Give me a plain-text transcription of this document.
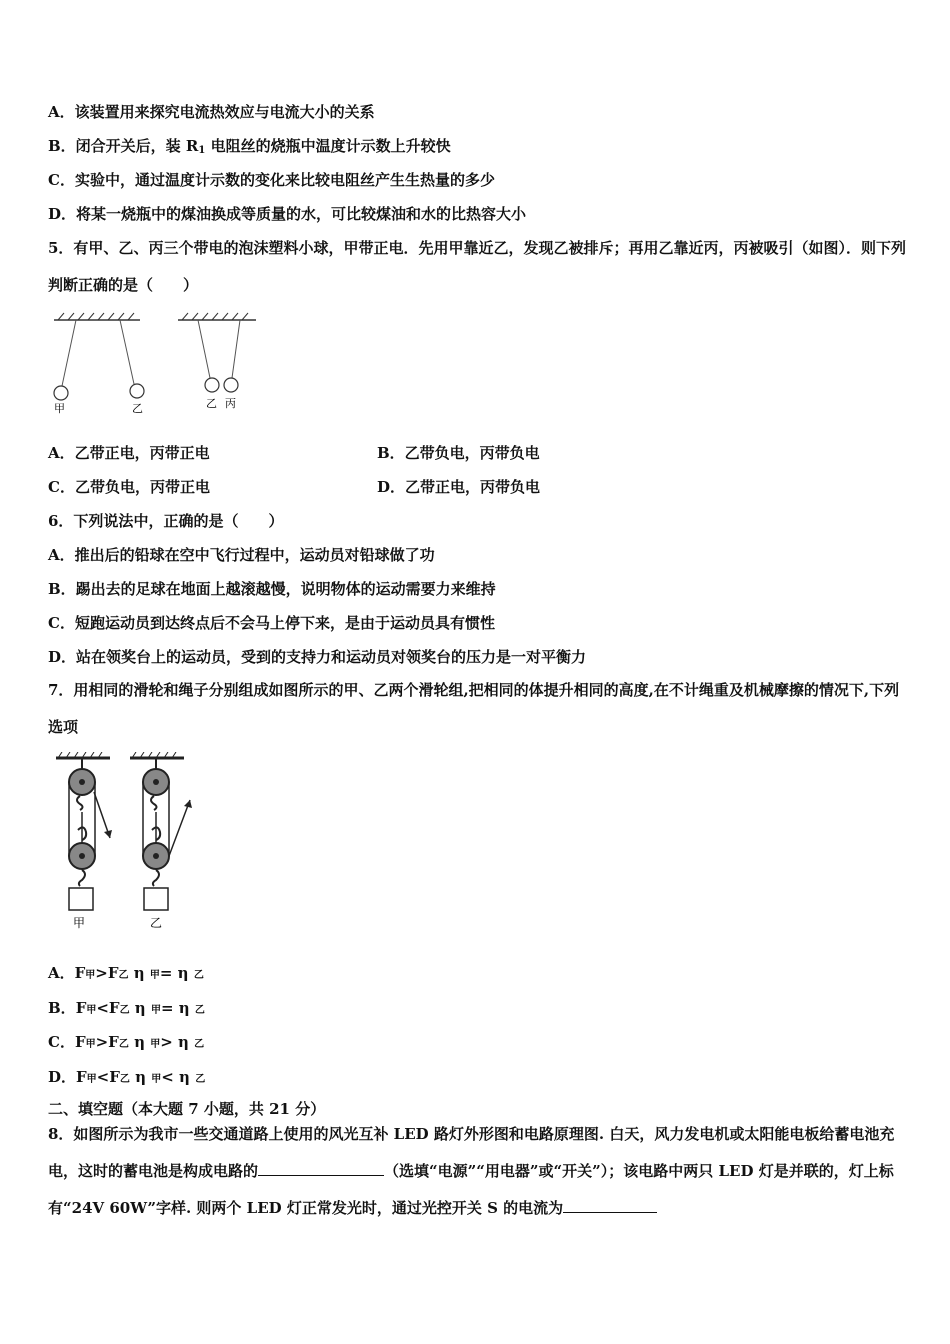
A．该装置用来探究电流热效应与电流大小的关系
B．闭合开关后，装 $R_1$ 电阻丝的烧瓶中温度计示数上升较快
C．实验中，通过温度计示数的变化来比较电阻丝产生生热量的多少
D．将某一烧瓶中的煤油换成等质量的水，可比较煤油和水的比热容大小
5．有甲、乙、丙三个带电的泡沫塑料小球，甲带正电．先用甲靠近乙，发现乙被排斥；再用乙靠近丙，丙被吸引（如图）．则下列判断正确的是（　　）
甲	乙	乙 丙
A．乙带正电，丙带正电	B．乙带负电，丙带负电
C．乙带负电，丙带正电	D．乙带正电，丙带负电
6．下列说法中，正确的是（　　）
A．推出后的铅球在空中飞行过程中，运动员对铅球做了功
B．踢出去的足球在地面上越滚越慢，说明物体的运动需要力来维持
C．短跑运动员到达终点后不会马上停下来，是由于运动员具有惯性
D．站在领奖台上的运动员，受到的支持力和运动员对领奖台的压力是一对平衡力
7．用相同的滑轮和绳子分别组成如图所示的甲、乙两个滑轮组,把相同的体提升相同的高度,在不计绳重及机械摩擦的情况下,下列选项
甲	乙
A．F甲>F乙 η 甲= η 乙
B．F甲<F乙 η 甲= η 乙
C．F甲>F乙 η 甲> η 乙
D．F甲<F乙 η 甲< η 乙
二、填空题（本大题 7 小题，共 21 分）
8．如图所示为我市一些交通道路上使用的风光互补 LED 路灯外形图和电路原理图. 白天，风力发电机或太阳能电板给蓄电池充电，这时的蓄电池是构成电路的	（选填“电源”“用电器”或“开关”）；该电路中两只 LED 灯是并联的，灯上标有“24V 60W”字样. 则两个 LED 灯正常发光时，通过光控开关 S 的电流为
